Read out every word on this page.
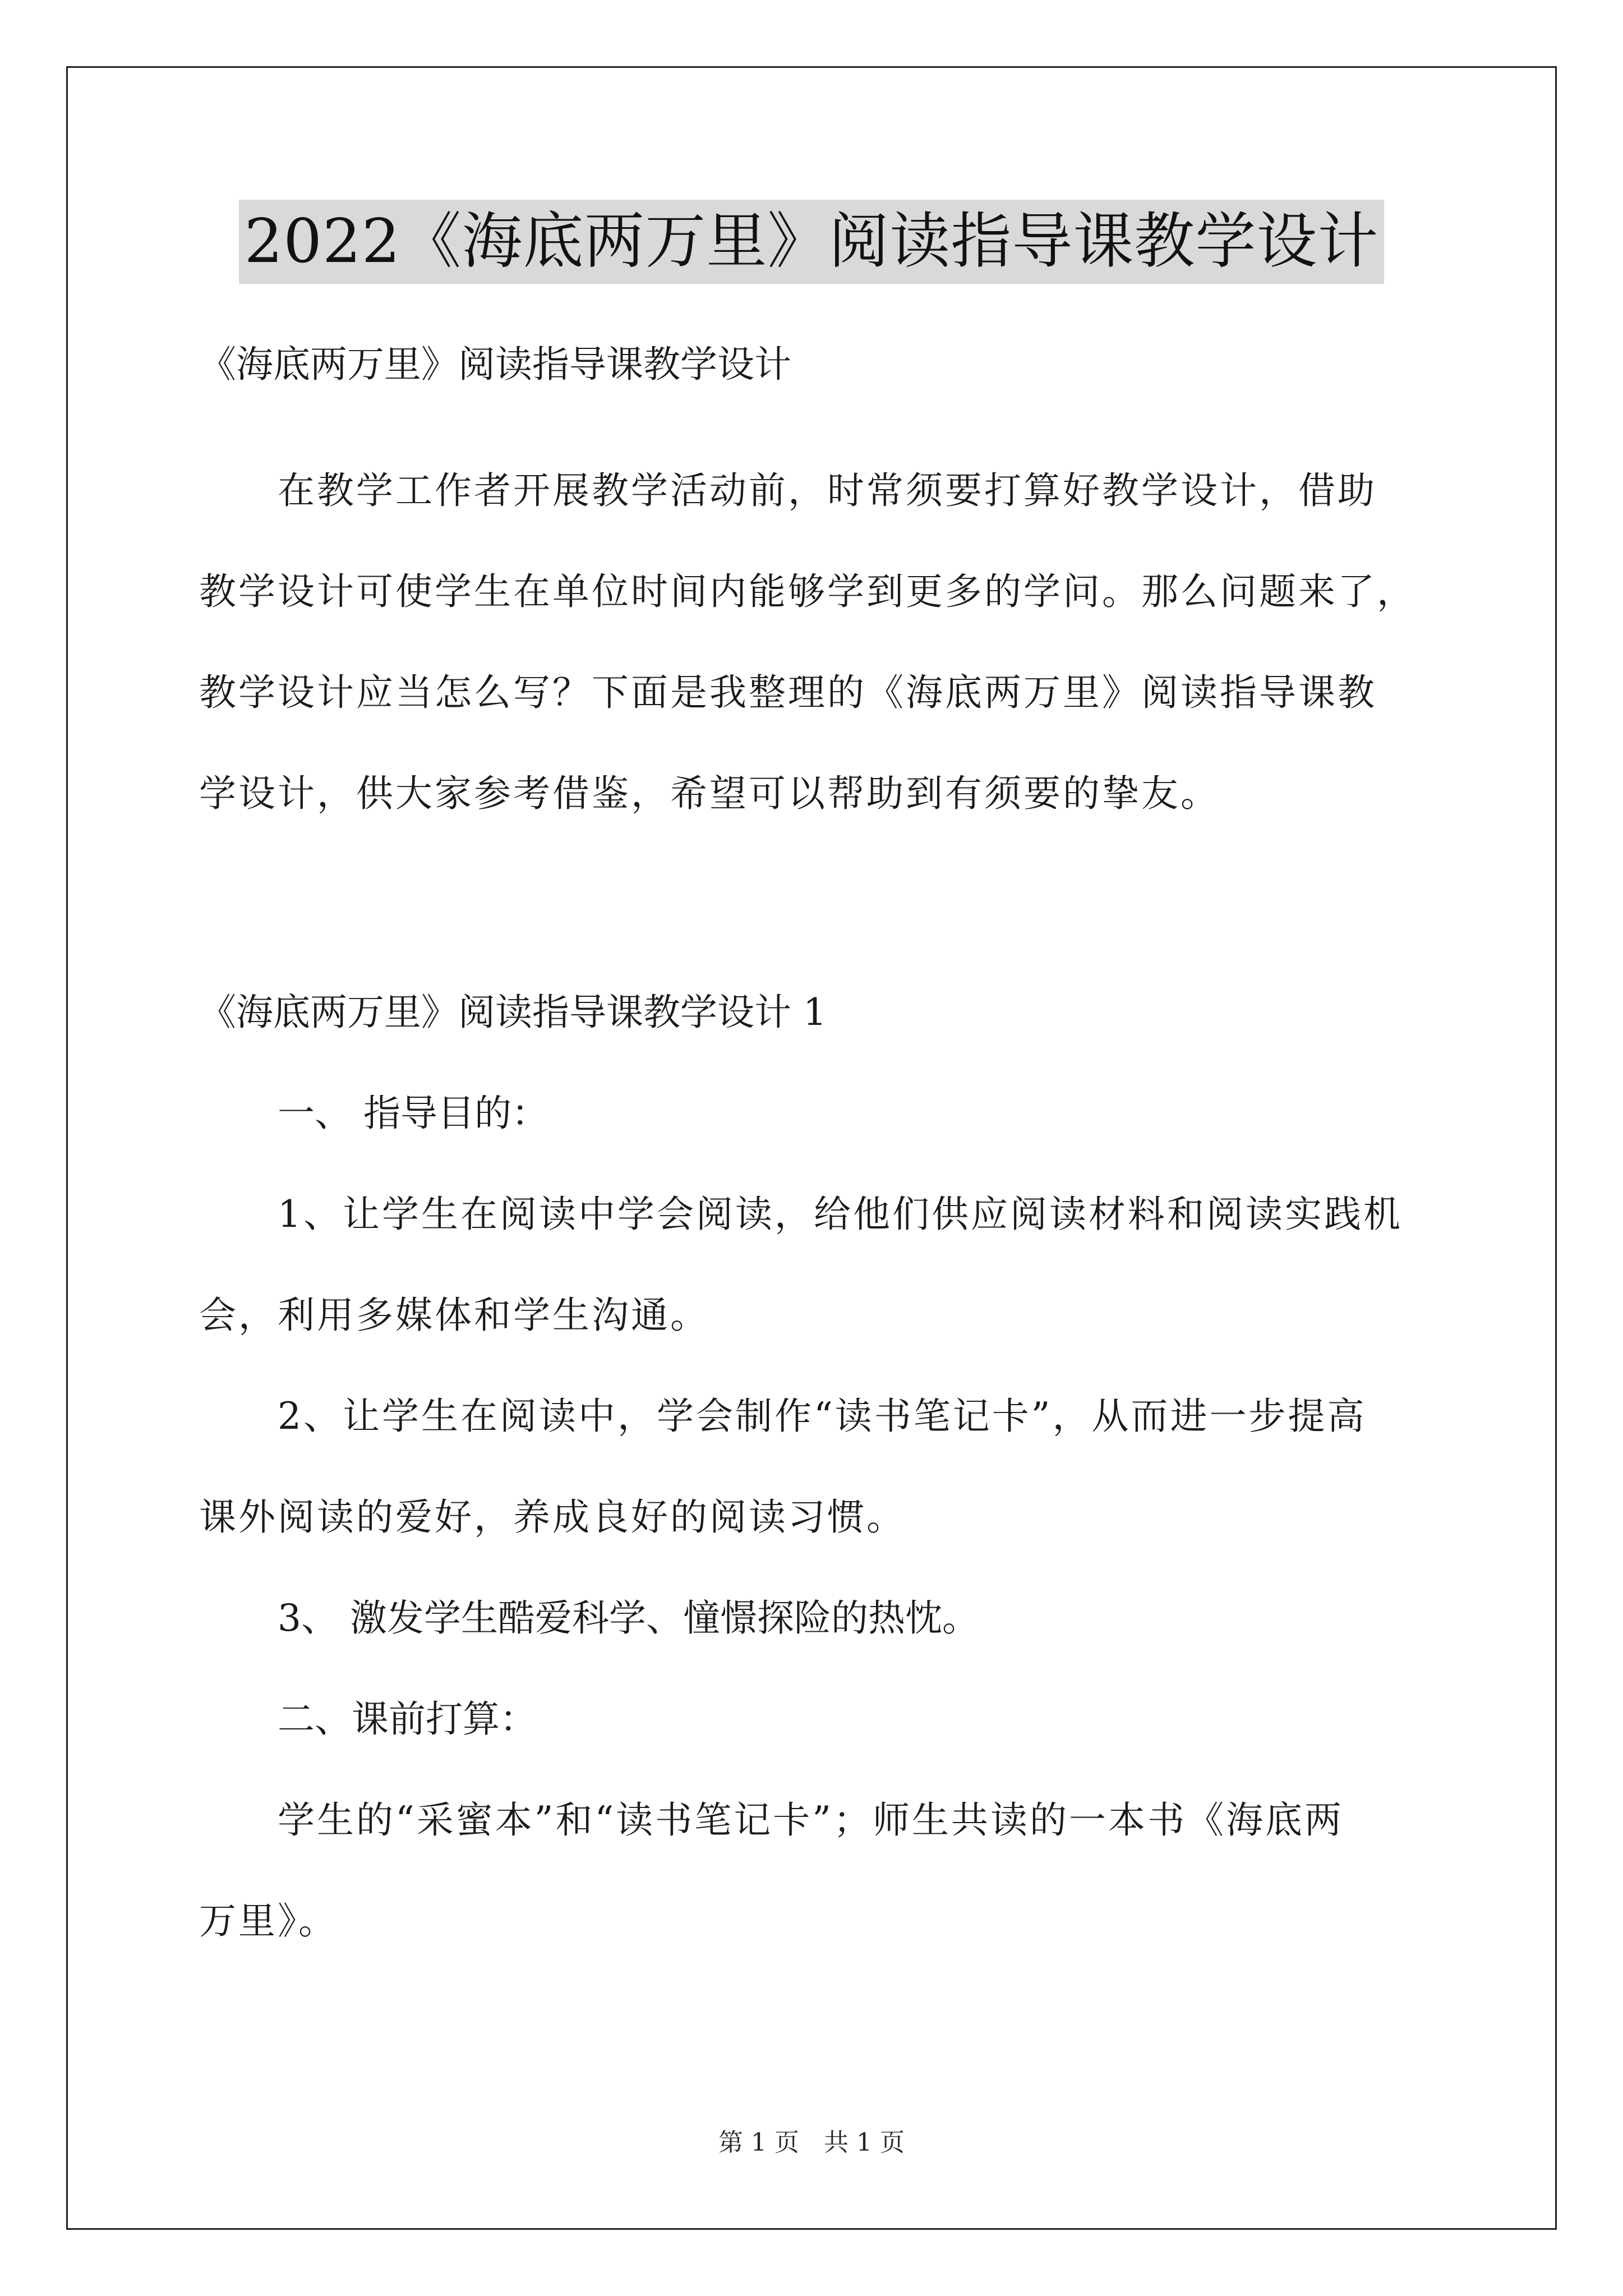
2022《海底两万里》阅读指导课教学设计
《海底两万里》阅读指导课教学设计
在教学工作者开展教学活动前，时常须要打算好教学设计，借助
教学设计可使学生在单位时间内能够学到更多的学问。那么问题来了，
教学设计应当怎么写？下面是我整理的《海底两万里》阅读指导课教
学设计，供大家参考借鉴，希望可以帮助到有须要的挚友。
《海底两万里》阅读指导课教学设计 1
一、 指导目的：
1、让学生在阅读中学会阅读，给他们供应阅读材料和阅读实践机
会，利用多媒体和学生沟通。
2、让学生在阅读中，学会制作“读书笔记卡”，从而进一步提高
课外阅读的爱好，养成良好的阅读习惯。
3、 激发学生酷爱科学、憧憬探险的热忱。
二、课前打算：
学生的“采蜜本”和“读书笔记卡”；师生共读的一本书《海底两
万里》。
第 1 页　共 1 页
